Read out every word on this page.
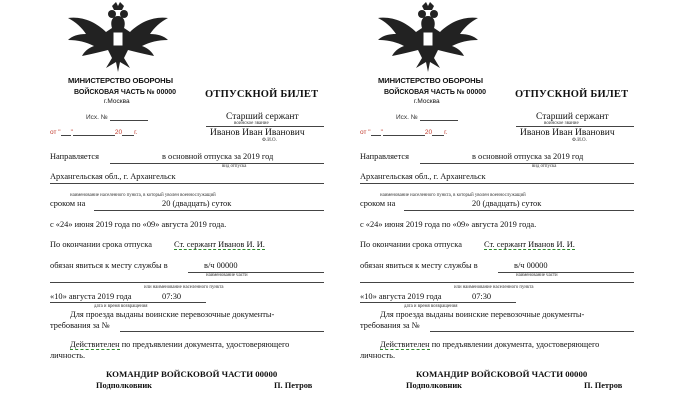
МИНИСТЕРСТВО ОБОРОНЫ
ВОЙСКОВАЯ ЧАСТЬ № 00000
г.Москва
Исх. №
от " "	20 г.
ОТПУСКНОЙ БИЛЕТ
Старший сержант
воинское звание
Иванов Иван Иванович
Ф.И.О.
Направляется	в основной отпуска за 2019 год
вид отпуска
Архангельская обл., г. Архангельск
наименование населенного пункта, в который уволен военнослужащий
сроком на	20 (двадцать) суток
с «24» июня 2019 года по «09» августа 2019 года.
По окончании срока отпуска	Ст. сержант Иванов И. И.
обязан явиться к месту службы в	в/ч 00000
наименование части
или наименование населенного пункта
«10» августа 2019 года	07:30
дата и время возвращения
Для проезда выданы воинские перевозочные документы-
требования за №
Действителен по предъявлении документа, удостоверяющего
личность.
КОМАНДИР ВОЙСКОВОЙ ЧАСТИ 00000
Подполковник	П. Петров
МИНИСТЕРСТВО ОБОРОНЫ
ВОЙСКОВАЯ ЧАСТЬ № 00000
г.Москва
Исх. №
от " "	20 г.
ОТПУСКНОЙ БИЛЕТ
Старший сержант
воинское звание
Иванов Иван Иванович
Ф.И.О.
Направляется	в основной отпуска за 2019 год
вид отпуска
Архангельская обл., г. Архангельск
наименование населенного пункта, в который уволен военнослужащий
сроком на	20 (двадцать) суток
с «24» июня 2019 года по «09» августа 2019 года.
По окончании срока отпуска	Ст. сержант Иванов И. И.
обязан явиться к месту службы в	в/ч 00000
наименование части
или наименование населенного пункта
«10» августа 2019 года	07:30
дата и время возвращения
Для проезда выданы воинские перевозочные документы-
требования за №
Действителен по предъявлении документа, удостоверяющего
личность.
КОМАНДИР ВОЙСКОВОЙ ЧАСТИ 00000
Подполковник	П. Петров
